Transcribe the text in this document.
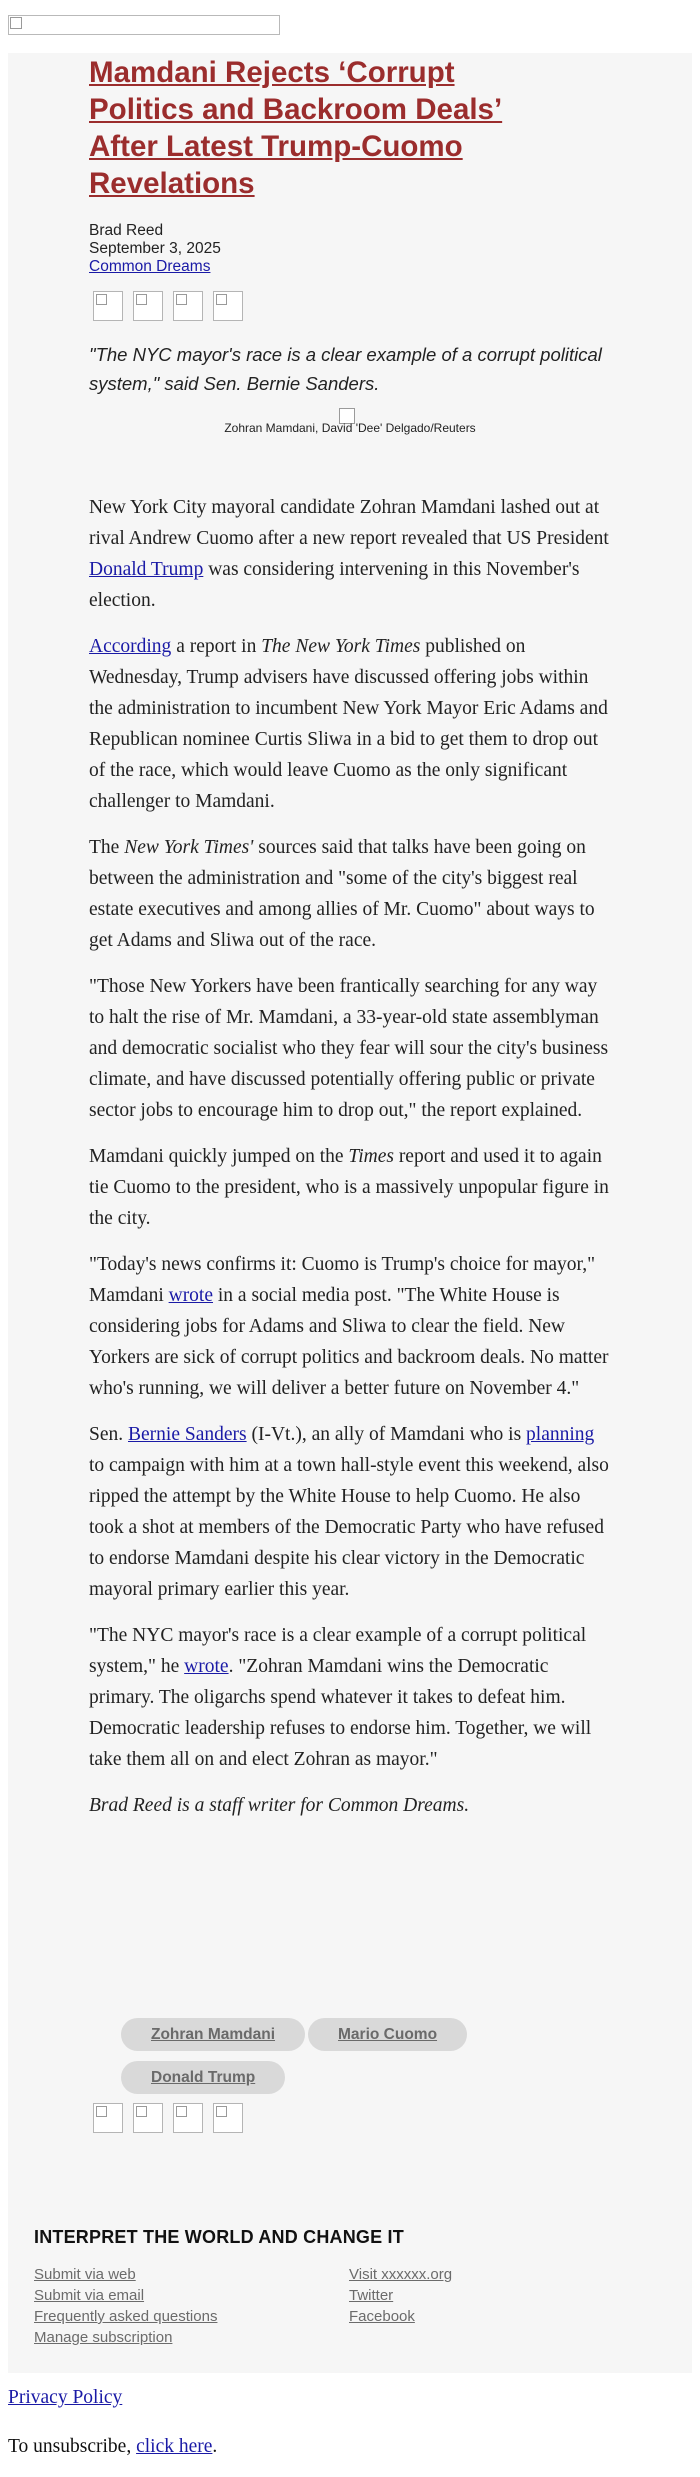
Mamdani Rejects ‘Corrupt Politics and Backroom Deals’ After Latest Trump-Cuomo Revelations
Brad Reed
September 3, 2025
Common Dreams

"The NYC mayor's race is a clear example of a corrupt political system," said Sen. Bernie Sanders.

Zohran Mamdani, David 'Dee' Delgado/Reuters

New York City mayoral candidate Zohran Mamdani lashed out at rival Andrew Cuomo after a new report revealed that US President Donald Trump was considering intervening in this November's election.

According a report in The New York Times published on Wednesday, Trump advisers have discussed offering jobs within the administration to incumbent New York Mayor Eric Adams and Republican nominee Curtis Sliwa in a bid to get them to drop out of the race, which would leave Cuomo as the only significant challenger to Mamdani.

The New York Times' sources said that talks have been going on between the administration and "some of the city's biggest real estate executives and among allies of Mr. Cuomo" about ways to get Adams and Sliwa out of the race.

"Those New Yorkers have been frantically searching for any way to halt the rise of Mr. Mamdani, a 33-year-old state assemblyman and democratic socialist who they fear will sour the city's business climate, and have discussed potentially offering public or private sector jobs to encourage him to drop out," the report explained.

Mamdani quickly jumped on the Times report and used it to again tie Cuomo to the president, who is a massively unpopular figure in the city.

"Today's news confirms it: Cuomo is Trump's choice for mayor," Mamdani wrote in a social media post. "The White House is considering jobs for Adams and Sliwa to clear the field. New Yorkers are sick of corrupt politics and backroom deals. No matter who's running, we will deliver a better future on November 4."

Sen. Bernie Sanders (I-Vt.), an ally of Mamdani who is planning to campaign with him at a town hall-style event this weekend, also ripped the attempt by the White House to help Cuomo. He also took a shot at members of the Democratic Party who have refused to endorse Mamdani despite his clear victory in the Democratic mayoral primary earlier this year.

"The NYC mayor's race is a clear example of a corrupt political system," he wrote. "Zohran Mamdani wins the Democratic primary. The oligarchs spend whatever it takes to defeat him. Democratic leadership refuses to endorse him. Together, we will take them all on and elect Zohran as mayor."

Brad Reed is a staff writer for Common Dreams.

Zohran Mamdani	Mario Cuomo
Donald Trump
INTERPRET THE WORLD AND CHANGE IT
Submit via web
Submit via email
Frequently asked questions
Manage subscription
Visit xxxxxx.org
Twitter
Facebook
Privacy Policy
To unsubscribe, click here.
